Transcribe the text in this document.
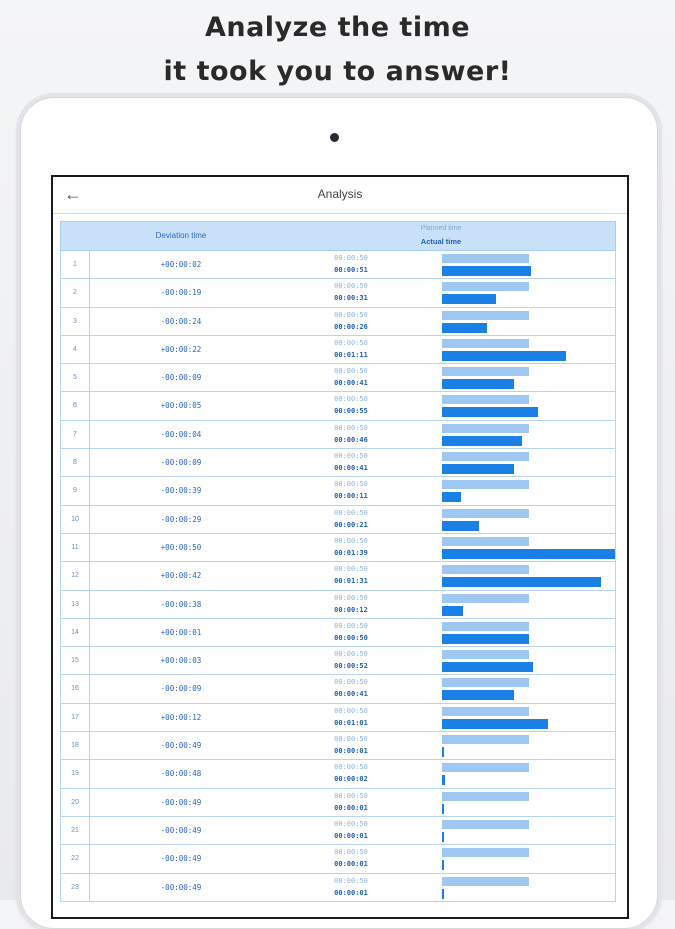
Analyze the time
it took you to answer!
←	Analysis
Deviation time
Planned time
Actual time
1	+00:00:02
00:00:50
00:00:51
2	-00:00:19
00:00:50
00:00:31
3	-00:00:24
00:00:50
00:00:26
4	+00:00:22
00:00:50
00:01:11
5	-00:00:09
00:00:50
00:00:41
6	+00:00:05
00:00:50
00:00:55
7	-00:00:04
00:00:50
00:00:46
8	-00:00:09
00:00:50
00:00:41
9	-00:00:39
00:00:50
00:00:11
10	-00:00:29
00:00:50
00:00:21
11	+00:00:50
00:00:50
00:01:39
12	+00:00:42
00:00:50
00:01:31
13	-00:00:38
00:00:50
00:00:12
14	+00:00:01
00:00:50
00:00:50
15	+00:00:03
00:00:50
00:00:52
16	-00:00:09
00:00:50
00:00:41
17	+00:00:12
00:00:50
00:01:01
18	-00:00:49
00:00:50
00:00:01
19	-00:00:48
00:00:50
00:00:02
20	-00:00:49
00:00:50
00:00:01
21	-00:00:49
00:00:50
00:00:01
22	-00:00:49
00:00:50
00:00:01
23	-00:00:49
00:00:50
00:00:01
